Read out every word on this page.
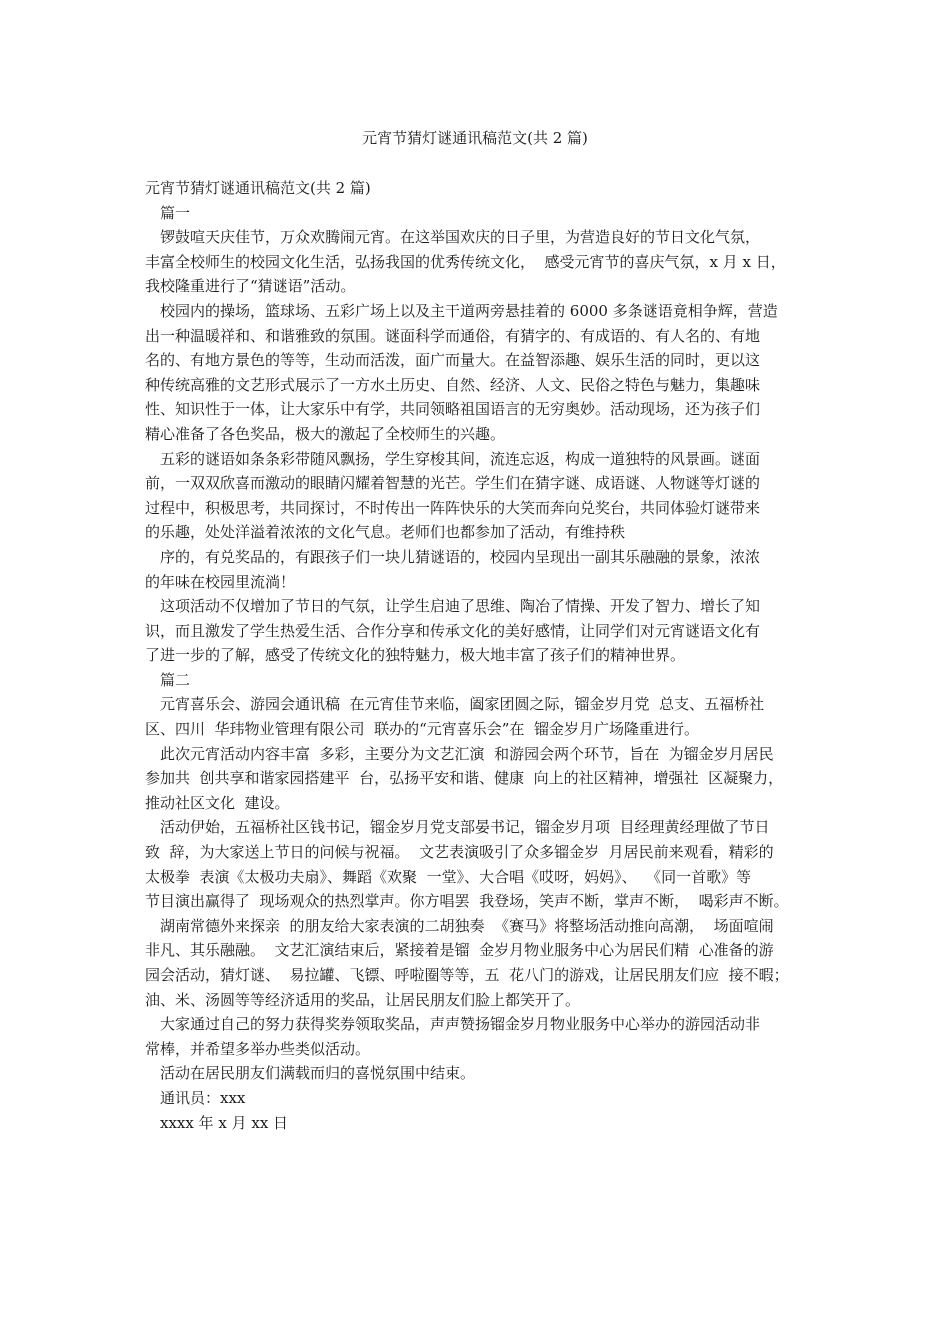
元宵节猜灯谜通讯稿范文(共 2 篇)
元宵节猜灯谜通讯稿范文(共 2 篇)
篇一
锣鼓喧天庆佳节，万众欢腾闹元宵。在这举国欢庆的日子里，为营造良好的节日文化气氛，
丰富全校师生的校园文化生活，弘扬我国的优秀传统文化，  感受元宵节的喜庆气氛，x 月 x 日，
我校隆重进行了“猜谜语”活动。
校园内的操场，篮球场、五彩广场上以及主干道两旁悬挂着的 6000 多条谜语竟相争辉，营造
出一种温暖祥和、和谐雅致的氛围。谜面科学而通俗，有猜字的、有成语的、有人名的、有地
名的、有地方景色的等等，生动而活泼，面广而量大。在益智添趣、娱乐生活的同时，更以这
种传统高雅的文艺形式展示了一方水土历史、自然、经济、人文、民俗之特色与魅力，集趣味
性、知识性于一体，让大家乐中有学，共同领略祖国语言的无穷奥妙。活动现场，还为孩子们
精心准备了各色奖品，极大的激起了全校师生的兴趣。
五彩的谜语如条条彩带随风飘扬，学生穿梭其间，流连忘返，构成一道独特的风景画。谜面
前，一双双欣喜而激动的眼睛闪耀着智慧的光芒。学生们在猜字谜、成语谜、人物谜等灯谜的
过程中，积极思考，共同探讨，不时传出一阵阵快乐的大笑而奔向兑奖台，共同体验灯谜带来
的乐趣，处处洋溢着浓浓的文化气息。老师们也都参加了活动，有维持秩
序的，有兑奖品的，有跟孩子们一块儿猜谜语的，校园内呈现出一副其乐融融的景象，浓浓
的年味在校园里流淌！
这项活动不仅增加了节日的气氛，让学生启迪了思维、陶冶了情操、开发了智力、增长了知
识，而且激发了学生热爱生活、合作分享和传承文化的美好感情，让同学们对元宵谜语文化有
了进一步的了解，感受了传统文化的独特魅力，极大地丰富了孩子们的精神世界。
篇二
元宵喜乐会、游园会通讯稿  在元宵佳节来临，阖家团圆之际，镏金岁月党  总支、五福桥社
区、四川  华玮物业管理有限公司  联办的“元宵喜乐会”在  镏金岁月广场隆重进行。
此次元宵活动内容丰富  多彩，主要分为文艺汇演  和游园会两个环节，旨在  为镏金岁月居民
参加共  创共享和谐家园搭建平  台，弘扬平安和谐、健康  向上的社区精神，增强社  区凝聚力，
推动社区文化  建设。
活动伊始，五福桥社区钱书记，镏金岁月党支部晏书记，镏金岁月项  目经理黄经理做了节日
致  辞，为大家送上节日的问候与祝福。  文艺表演吸引了众多镏金岁  月居民前来观看，精彩的
太极拳  表演《太极功夫扇》、舞蹈《欢聚  一堂》、大合唱《哎呀，妈妈》、  《同一首歌》等
节目演出赢得了  现场观众的热烈掌声。你方唱罢  我登场，笑声不断，掌声不断，  喝彩声不断。
湖南常德外来探亲  的朋友给大家表演的二胡独奏  《赛马》将整场活动推向高潮，  场面喧闹
非凡、其乐融融。  文艺汇演结束后，紧接着是镏  金岁月物业服务中心为居民们精  心准备的游
园会活动，猜灯谜、  易拉罐、飞镖、呼啦圈等等，五  花八门的游戏，让居民朋友们应  接不暇；
油、米、汤圆等等经济适用的奖品，让居民朋友们脸上都笑开了。
大家通过自己的努力获得奖券领取奖品，声声赞扬镏金岁月物业服务中心举办的游园活动非
常棒，并希望多举办些类似活动。
活动在居民朋友们满载而归的喜悦氛围中结束。
通讯员：xxx
xxxx 年 x 月 xx 日
